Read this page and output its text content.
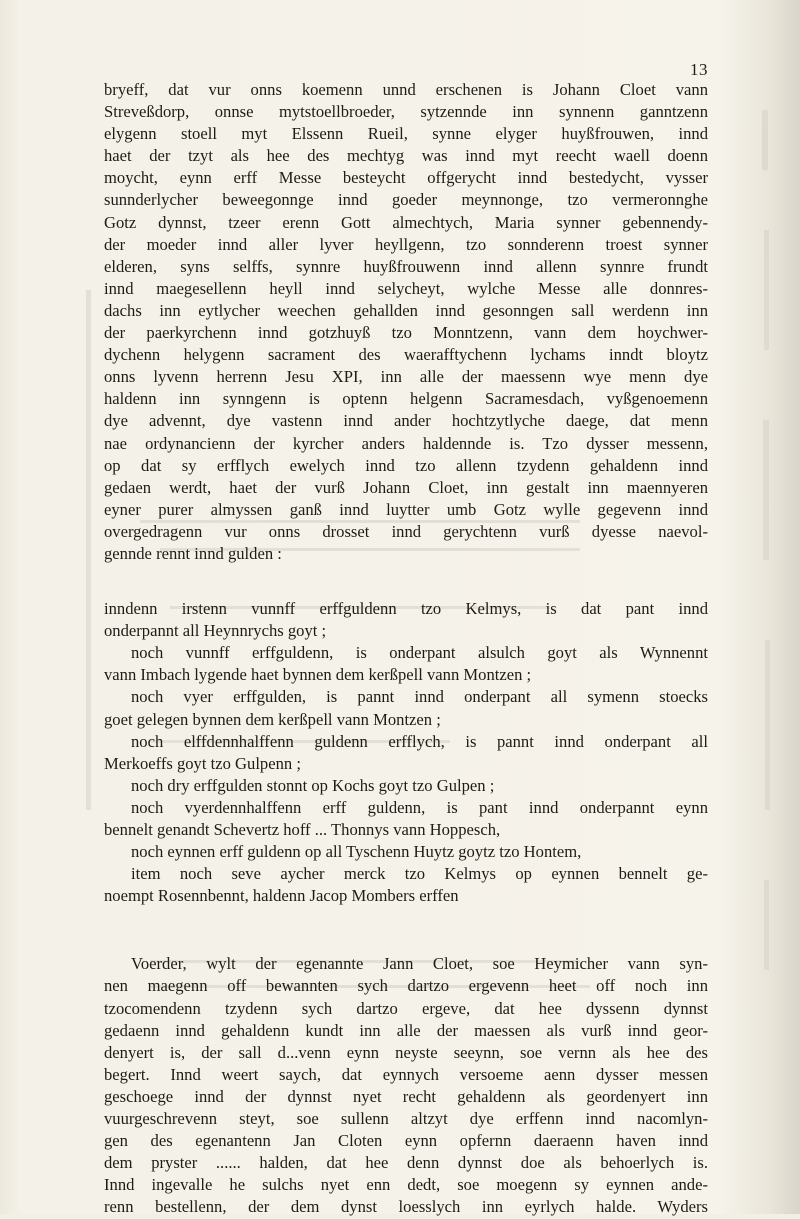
13
bryeff, dat vur onns koemenn unnd erschenen is Johann Cloet vann
Streveßdorp, onnse mytstoellbroeder, sytzennde inn synnenn ganntzenn
elygenn stoell myt Elssenn Rueil, synne elyger huyßfrouwen, innd
haet der tzyt als hee des mechtyg was innd myt reecht waell doenn
moycht, eynn erff Messe besteycht offgerycht innd bestedycht, vysser
sunnderlycher beweegonnge innd goeder meynnonge, tzo vermeronnghe
Gotz dynnst, tzeer erenn Gott almechtych, Maria synner gebennendy-
der moeder innd aller lyver heyllgenn, tzo sonnderenn troest synner
elderen, syns selffs, synnre huyßfrouwenn innd allenn synnre frundt
innd maegesellenn heyll innd selycheyt, wylche Messe alle donnres-
dachs inn eytlycher weechen gehallden innd gesonngen sall werdenn inn
der paerkyrchenn innd gotzhuyß tzo Monntzenn, vann dem hoychwer-
dychenn helygenn sacrament des waerafftychenn lychams inndt bloytz
onns lyvenn herrenn Jesu XPI, inn alle der maessenn wye menn dye
haldenn inn synngenn is optenn helgenn Sacramesdach, vyßgenoemenn
dye advennt, dye vastenn innd ander hochtzytlyche daege, dat menn
nae ordynancienn der kyrcher anders haldennde is. Tzo dysser messenn,
op dat sy erfflych ewelych innd tzo allenn tzydenn gehaldenn innd
gedaen werdt, haet der vurß Johann Cloet, inn gestalt inn maennyeren
eyner purer almyssen ganß innd luytter umb Gotz wylle gegevenn innd
overgedragenn vur onns drosset innd gerychtenn vurß dyesse naevol-
gennde rennt innd gulden :
inndenn irstenn vunnff erffguldenn tzo Kelmys, is dat pant innd
onderpannt all Heynnrychs goyt ;
noch vunnff erffguldenn, is onderpant alsulch goyt als Wynnennt
vann Imbach lygende haet bynnen dem kerßpell vann Montzen ;
noch vyer erffgulden, is pannt innd onderpant all symenn stoecks
goet gelegen bynnen dem kerßpell vann Montzen ;
noch elffdennhalffenn guldenn erfflych, is pannt innd onderpant all
Merkoeffs goyt tzo Gulpenn ;
noch dry erffgulden stonnt op Kochs goyt tzo Gulpen ;
noch vyerdennhalffenn erff guldenn, is pant innd onderpannt eynn
bennelt genandt Schevertz hoff ... Thonnys vann Hoppesch,
noch eynnen erff guldenn op all Tyschenn Huytz goytz tzo Hontem,
item noch seve aycher merck tzo Kelmys op eynnen bennelt ge-
noempt Rosennbennt, haldenn Jacop Mombers erffen
Voerder, wylt der egenannte Jann Cloet, soe Heymicher vann syn-
nen maegenn off bewannten sych dartzo ergevenn heet off noch inn
tzocomendenn tzydenn sych dartzo ergeve, dat hee dyssenn dynnst
gedaenn innd gehaldenn kundt inn alle der maessen als vurß innd geor-
denyert is, der sall d...venn eynn neyste seeynn, soe vernn als hee des
begert. Innd weert saych, dat eynnych versoeme aenn dysser messen
geschoege innd der dynnst nyet recht gehaldenn als geordenyert inn
vuurgeschrevenn steyt, soe sullenn altzyt dye erffenn innd nacomlyn-
gen des egenantenn Jan Cloten eynn opfernn daeraenn haven innd
dem pryster ...... halden, dat hee denn dynnst doe als behoerlych is.
Innd ingevalle he sulchs nyet enn dedt, soe moegenn sy eynnen ande-
renn bestellenn, der dem dynst loesslych inn eyrlych halde. Wyders
